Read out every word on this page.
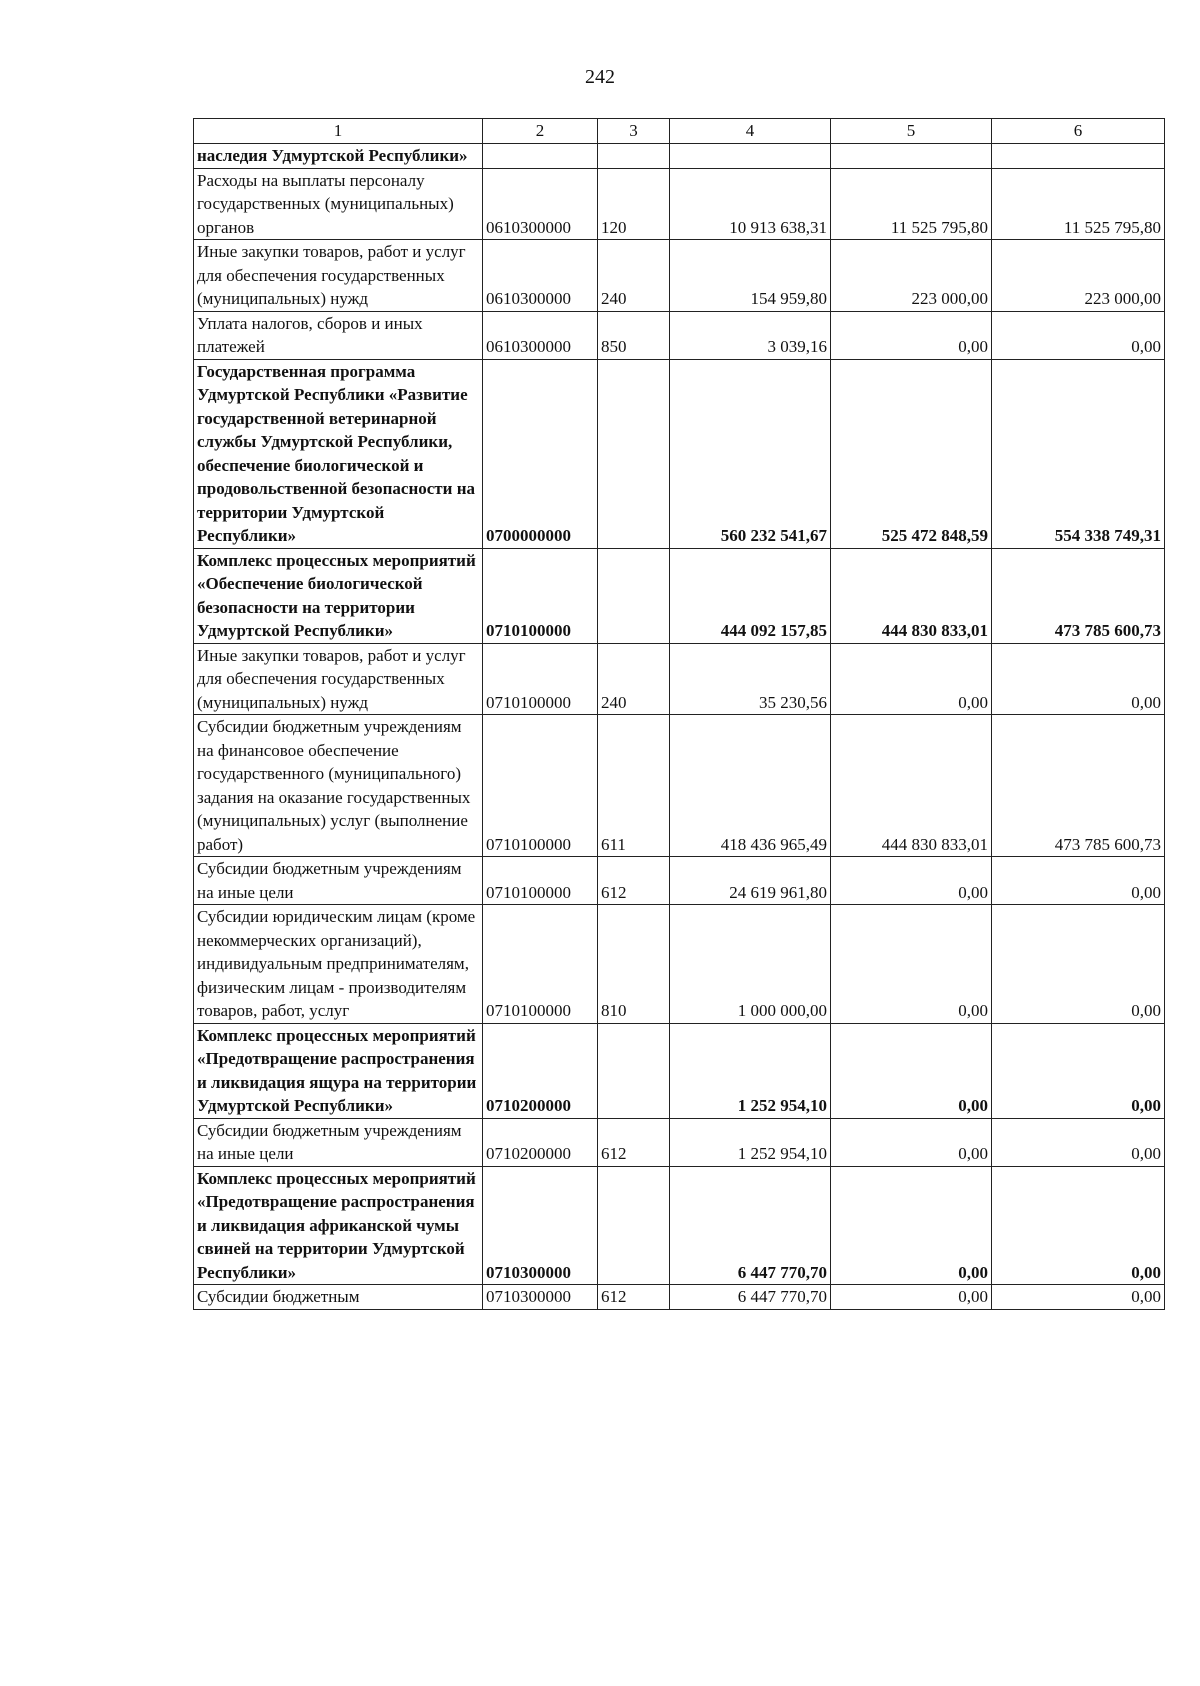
242
1	2	3	4	5	6
наследия Удмуртской Республики»					
Расходы на выплаты персоналу государственных (муниципальных) органов	0610300000	120	10 913 638,31	11 525 795,80	11 525 795,80
Иные закупки товаров, работ и услуг для обеспечения государственных (муниципальных) нужд	0610300000	240	154 959,80	223 000,00	223 000,00
Уплата налогов, сборов и иных платежей	0610300000	850	3 039,16	0,00	0,00
Государственная программа Удмуртской Республики «Развитие государственной ветеринарной службы Удмуртской Республики, обеспечение биологической и продовольственной безопасности на территории Удмуртской Республики»	0700000000		560 232 541,67	525 472 848,59	554 338 749,31
Комплекс процессных мероприятий «Обеспечение биологической безопасности на территории Удмуртской Республики»	0710100000		444 092 157,85	444 830 833,01	473 785 600,73
Иные закупки товаров, работ и услуг для обеспечения государственных (муниципальных) нужд	0710100000	240	35 230,56	0,00	0,00
Субсидии бюджетным учреждениям на финансовое обеспечение государственного (муниципального) задания на оказание государственных (муниципальных) услуг (выполнение работ)	0710100000	611	418 436 965,49	444 830 833,01	473 785 600,73
Субсидии бюджетным учреждениям на иные цели	0710100000	612	24 619 961,80	0,00	0,00
Субсидии юридическим лицам (кроме некоммерческих организаций), индивидуальным предпринимателям, физическим лицам - производителям товаров, работ, услуг	0710100000	810	1 000 000,00	0,00	0,00
Комплекс процессных мероприятий «Предотвращение распространения и ликвидация ящура на территории Удмуртской Республики»	0710200000		1 252 954,10	0,00	0,00
Субсидии бюджетным учреждениям на иные цели	0710200000	612	1 252 954,10	0,00	0,00
Комплекс процессных мероприятий «Предотвращение распространения и ликвидация африканской чумы свиней на территории Удмуртской Республики»	0710300000		6 447 770,70	0,00	0,00
Субсидии бюджетным	0710300000	612	6 447 770,70	0,00	0,00
